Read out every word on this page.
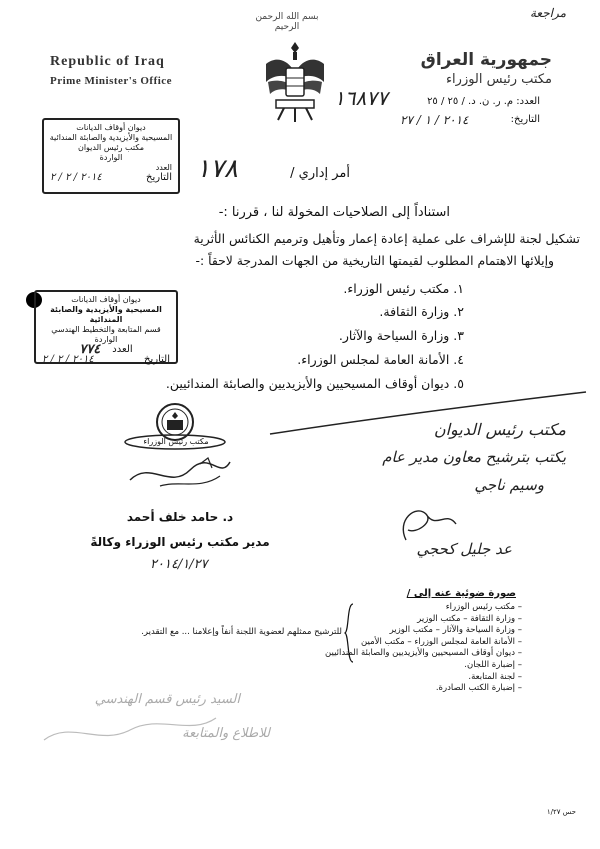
مراجعة
بسم الله الرحمن الرحيم
Republic of Iraq
Prime Minister's Office
جمهورية العراق
مكتب رئيس الوزراء
العدد: م. ر. ن. د. / ٢٥ / ٢٥
١٦٨٧٧
التاريخ:
٢٠١٤ / ١ / ٢٧
ديوان أوقاف الديانات
المسيحية والأيزيدية والصابئة المندائية
مكتب رئيس الديوان
الواردة
العدد
التاريخ
٢٠١٤ / ٢ / ٢	أمر إداري /
١٧٨
استناداً إلى الصلاحيات المخولة لنا ، قررنا :-
تشكيل لجنة للإشراف على عملية إعادة إعمار وتأهيل وترميم الكنائس الأثرية
وإيلائها الاهتمام المطلوب لقيمتها التاريخية من الجهات المدرجة لاحقاً :-
١. مكتب رئيس الوزراء.
٢. وزارة الثقافة.
٣. وزارة السياحة والآثار.
٤. الأمانة العامة لمجلس الوزراء.
٥. ديوان أوقاف المسيحيين والأيزيديين والصابئة المندائيين.
ديوان أوقاف الديانات
المسيحية والأيزيدية والصابئة المندائية
قسم المتابعة والتخطيط الهندسي
الواردة
العدد
٧٧٤
التاريخ
٢٠١٤ / ٢ / ٢
مكتب رئيس الوزراء
د. حامد خلف أحمد
مدير مكتب رئيس الوزراء وكالةً
٢٠١٤/١/٢٧
مكتب رئيس الديوان
يكتب بترشيح معاون مدير عام
وسيم ناجي
عد جليل كحجي
صورة ضوئية عنه إلى /
– مكتب رئيس الوزراء
– وزارة الثقافة – مكتب الوزير
– وزارة السياحة والآثار – مكتب الوزير
– الأمانة العامة لمجلس الوزراء – مكتب الأمين
– ديوان أوقاف المسيحيين والأيزيديين والصابئة المندائيين
– إضبارة اللجان.
– لجنة المتابعة.
– إضبارة الكتب الصادرة.
للترشيح ممثلهم لعضوية اللجنة أنفاً وإعلامنا ... مع التقدير.
السيد رئيس قسم الهندسي
للاطلاع والمتابعة
حس ١/٢٧
